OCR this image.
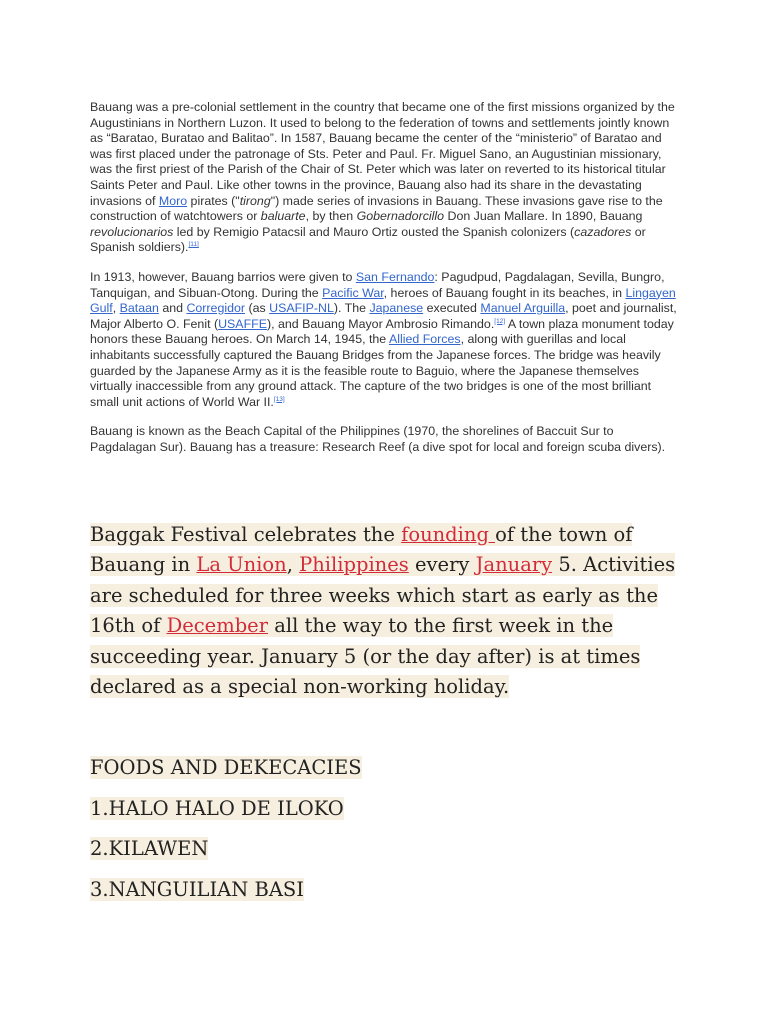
Bauang was a pre-colonial settlement in the country that became one of the first missions organized by the Augustinians in Northern Luzon. It used to belong to the federation of towns and settlements jointly known as “Baratao, Buratao and Balitao”. In 1587, Bauang became the center of the “ministerio” of Baratao and was first placed under the patronage of Sts. Peter and Paul. Fr. Miguel Sano, an Augustinian missionary, was the first priest of the Parish of the Chair of St. Peter which was later on reverted to its historical titular Saints Peter and Paul. Like other towns in the province, Bauang also had its share in the devastating invasions of Moro pirates ("tirong") made series of invasions in Bauang. These invasions gave rise to the construction of watchtowers or baluarte, by then Gobernadorcillo Don Juan Mallare. In 1890, Bauang revolucionarios led by Remigio Patacsil and Mauro Ortiz ousted the Spanish colonizers (cazadores or Spanish soldiers).[11]

In 1913, however, Bauang barrios were given to San Fernando: Pagudpud, Pagdalagan, Sevilla, Bungro, Tanquigan, and Sibuan-Otong. During the Pacific War, heroes of Bauang fought in its beaches, in Lingayen Gulf, Bataan and Corregidor (as USAFIP-NL). The Japanese executed Manuel Arguilla, poet and journalist, Major Alberto O. Fenit (USAFFE), and Bauang Mayor Ambrosio Rimando.[12] A town plaza monument today honors these Bauang heroes. On March 14, 1945, the Allied Forces, along with guerillas and local inhabitants successfully captured the Bauang Bridges from the Japanese forces. The bridge was heavily guarded by the Japanese Army as it is the feasible route to Baguio, where the Japanese themselves virtually inaccessible from any ground attack. The capture of the two bridges is one of the most brilliant small unit actions of World War II.[13]

Bauang is known as the Beach Capital of the Philippines (1970, the shorelines of Baccuit Sur to Pagdalagan Sur). Bauang has a treasure: Research Reef (a dive spot for local and foreign scuba divers).

Baggak Festival celebrates the founding of the town of Bauang in La Union, Philippines every January 5. Activities are scheduled for three weeks which start as early as the 16th of December all the way to the first week in the succeeding year. January 5 (or the day after) is at times declared as a special non-working holiday.

FOODS AND DEKECACIES
1.HALO HALO DE ILOKO
2.KILAWEN
3.NANGUILIAN BASI
